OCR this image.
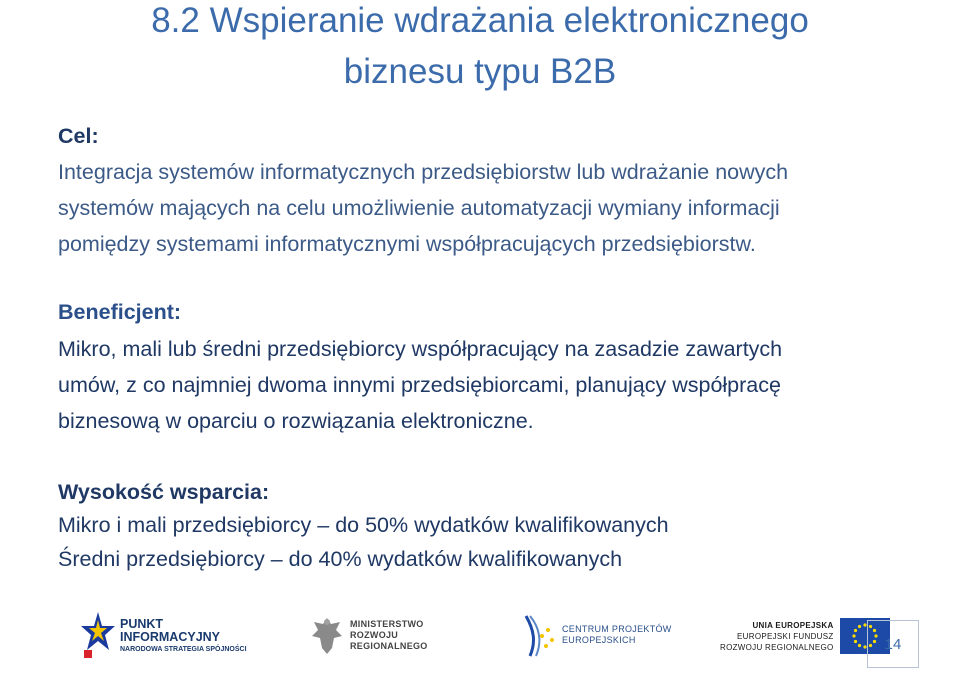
8.2 Wspieranie wdrażania elektronicznego
biznesu typu B2B
Cel:
Integracja systemów informatycznych przedsiębiorstw lub wdrażanie nowych
systemów mających na celu umożliwienie automatyzacji wymiany informacji
pomiędzy systemami informatycznymi współpracujących przedsiębiorstw.
Beneficjent:
Mikro, mali lub średni przedsiębiorcy współpracujący na zasadzie zawartych
umów, z co najmniej dwoma innymi przedsiębiorcami, planujący współpracę
biznesową w oparciu o rozwiązania elektroniczne.
Wysokość wsparcia:
Mikro i mali przedsiębiorcy – do 50% wydatków kwalifikowanych
Średni przedsiębiorcy – do 40% wydatków kwalifikowanych
PUNKT
INFORMACYJNY
NARODOWA STRATEGIA SPÓJNOŚCI
MINISTERSTWO
ROZWOJU
REGIONALNEGO
CENTRUM PROJEKTÓW
EUROPEJSKICH
UNIA EUROPEJSKA
EUROPEJSKI FUNDUSZ
ROZWOJU REGIONALNEGO	14
